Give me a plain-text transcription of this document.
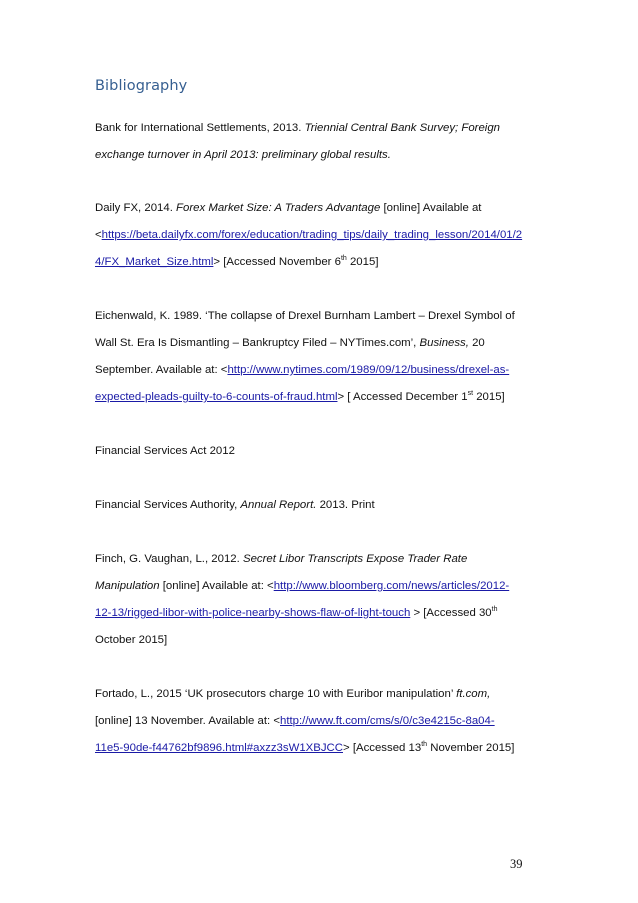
Bibliography
Bank for International Settlements, 2013. Triennial Central Bank Survey; Foreign
exchange turnover in April 2013: preliminary global results.
Daily FX, 2014. Forex Market Size: A Traders Advantage [online] Available at
<https://beta.dailyfx.com/forex/education/trading_tips/daily_trading_lesson/2014/01/2
4/FX_Market_Size.html> [Accessed November 6th 2015]
Eichenwald, K. 1989. ‘The collapse of Drexel Burnham Lambert – Drexel Symbol of
Wall St. Era Is Dismantling – Bankruptcy Filed – NYTimes.com’, Business, 20
September. Available at: <http://www.nytimes.com/1989/09/12/business/drexel-as-
expected-pleads-guilty-to-6-counts-of-fraud.html> [ Accessed December 1st 2015]
Financial Services Act 2012
Financial Services Authority, Annual Report. 2013. Print
Finch, G. Vaughan, L., 2012. Secret Libor Transcripts Expose Trader Rate
Manipulation [online] Available at: <http://www.bloomberg.com/news/articles/2012-
12-13/rigged-libor-with-police-nearby-shows-flaw-of-light-touch > [Accessed 30th
October 2015]
Fortado, L., 2015 ‘UK prosecutors charge 10 with Euribor manipulation’ ft.com,
[online] 13 November. Available at: <http://www.ft.com/cms/s/0/c3e4215c-8a04-
11e5-90de-f44762bf9896.html#axzz3sW1XBJCC> [Accessed 13th November 2015]
39
